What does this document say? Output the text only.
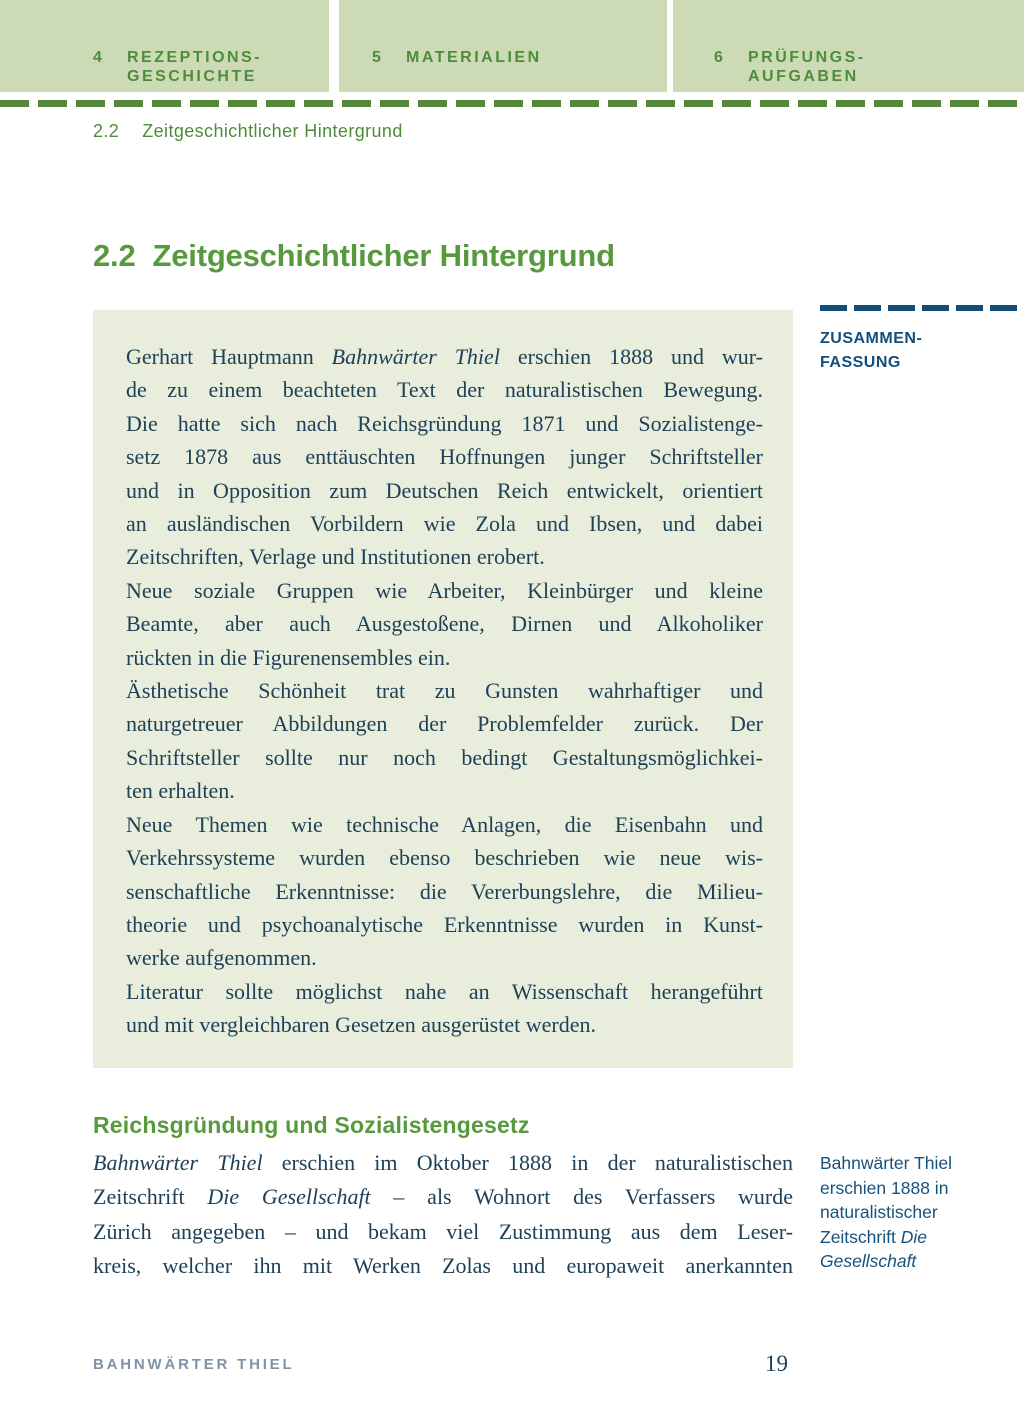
4	REZEPTIONS-
GESCHICHTE
5	MATERIALIEN	6	PRÜFUNGS-
AUFGABEN
2.2 Zeitgeschichtlicher Hintergrund
2.2 Zeitgeschichtlicher Hintergrund
Gerhart Hauptmann Bahnwärter Thiel erschien 1888 und wur-
de zu einem beachteten Text der naturalistischen Bewegung.
Die hatte sich nach Reichsgründung 1871 und Sozialistenge-
setz 1878 aus enttäuschten Hoffnungen junger Schriftsteller
und in Opposition zum Deutschen Reich entwickelt, orientiert
an ausländischen Vorbildern wie Zola und Ibsen, und dabei
Zeitschriften, Verlage und Institutionen erobert.
Neue soziale Gruppen wie Arbeiter, Kleinbürger und kleine
Beamte, aber auch Ausgestoßene, Dirnen und Alkoholiker
rückten in die Figurenensembles ein.
Ästhetische Schönheit trat zu Gunsten wahrhaftiger und
naturgetreuer Abbildungen der Problemfelder zurück. Der
Schriftsteller sollte nur noch bedingt Gestaltungsmöglichkei-
ten erhalten.
Neue Themen wie technische Anlagen, die Eisenbahn und
Verkehrssysteme wurden ebenso beschrieben wie neue wis-
senschaftliche Erkenntnisse: die Vererbungslehre, die Milieu-
theorie und psychoanalytische Erkenntnisse wurden in Kunst-
werke aufgenommen.
Literatur sollte möglichst nahe an Wissenschaft herangeführt
und mit vergleichbaren Gesetzen ausgerüstet werden.
ZUSAMMEN-
FASSUNG
Reichsgründung und Sozialistengesetz
Bahnwärter Thiel erschien im Oktober 1888 in der naturalistischen
Zeitschrift Die Gesellschaft – als Wohnort des Verfassers wurde
Zürich angegeben – und bekam viel Zustimmung aus dem Leser-
kreis, welcher ihn mit Werken Zolas und europaweit anerkannten
Bahnwärter Thiel
erschien 1888 in
naturalistischer
Zeitschrift Die
Gesellschaft
BAHNWÄRTER THIEL	19
